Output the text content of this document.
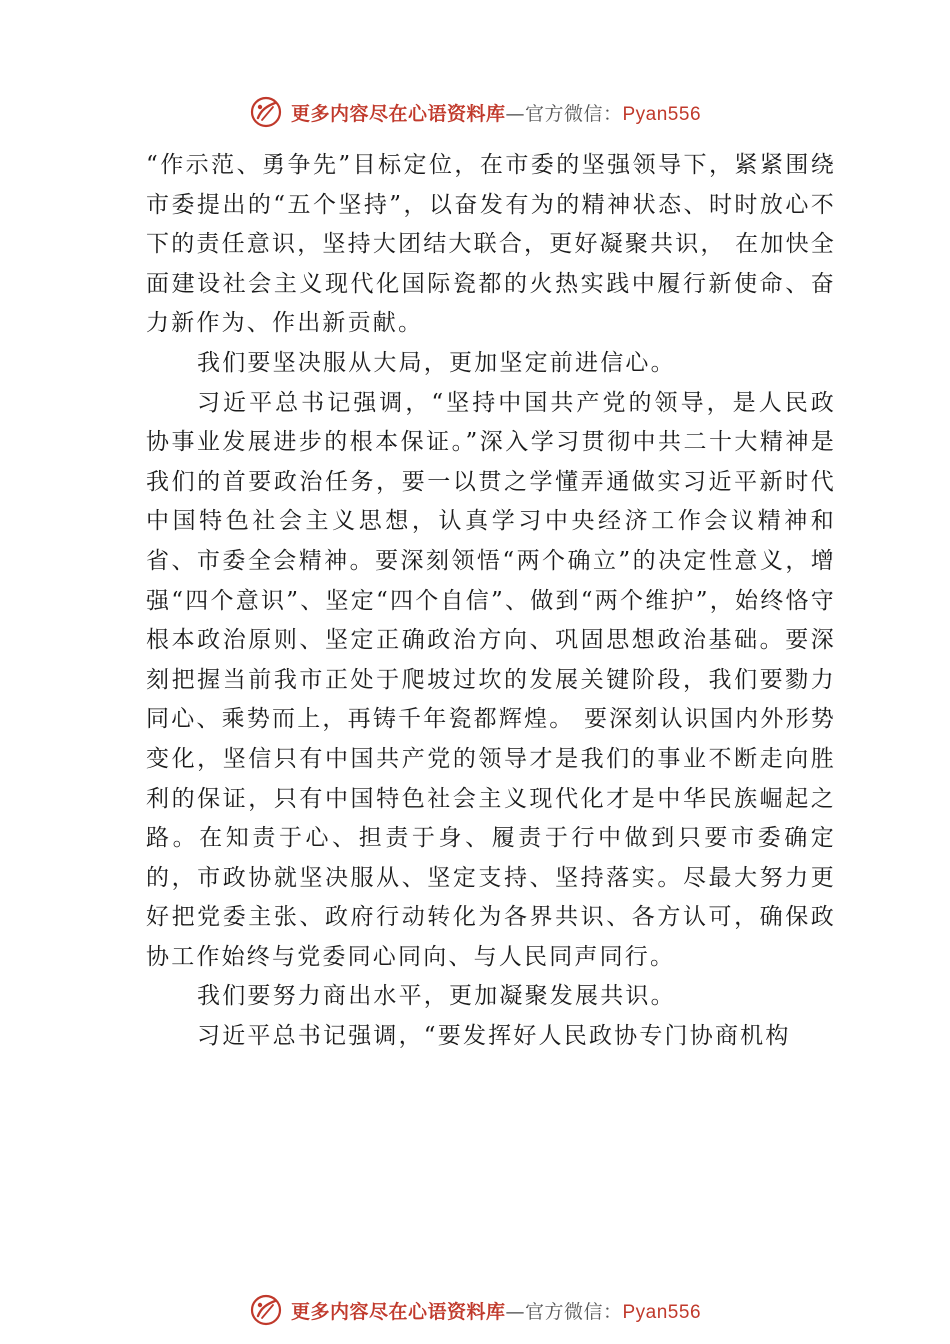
更多内容尽在心语资料库—官方微信：Pyan556

“作示范、勇争先”目标定位，在市委的坚强领导下，紧紧围绕市委提出的“五个坚持”，以奋发有为的精神状态、时时放心不下的责任意识，坚持大团结大联合，更好凝聚共识， 在加快全面建设社会主义现代化国际瓷都的火热实践中履行新使命、奋力新作为、作出新贡献。

我们要坚决服从大局，更加坚定前进信心。

习近平总书记强调，“坚持中国共产党的领导，是人民政协事业发展进步的根本保证。”深入学习贯彻中共二十大精神是我们的首要政治任务，要一以贯之学懂弄通做实习近平新时代中国特色社会主义思想，认真学习中央经济工作会议精神和省、市委全会精神。要深刻领悟“两个确立”的决定性意义，增强“四个意识”、坚定“四个自信”、做到“两个维护”，始终恪守根本政治原则、坚定正确政治方向、巩固思想政治基础。要深刻把握当前我市正处于爬坡过坎的发展关键阶段，我们要勠力同心、乘势而上，再铸千年瓷都辉煌。 要深刻认识国内外形势变化，坚信只有中国共产党的领导才是我们的事业不断走向胜利的保证，只有中国特色社会主义现代化才是中华民族崛起之路。在知责于心、担责于身、履责于行中做到只要市委确定的，市政协就坚决服从、坚定支持、坚持落实。尽最大努力更好把党委主张、政府行动转化为各界共识、各方认可，确保政协工作始终与党委同心同向、与人民同声同行。

我们要努力商出水平，更加凝聚发展共识。

习近平总书记强调，“要发挥好人民政协专门协商机构

更多内容尽在心语资料库—官方微信：Pyan556
